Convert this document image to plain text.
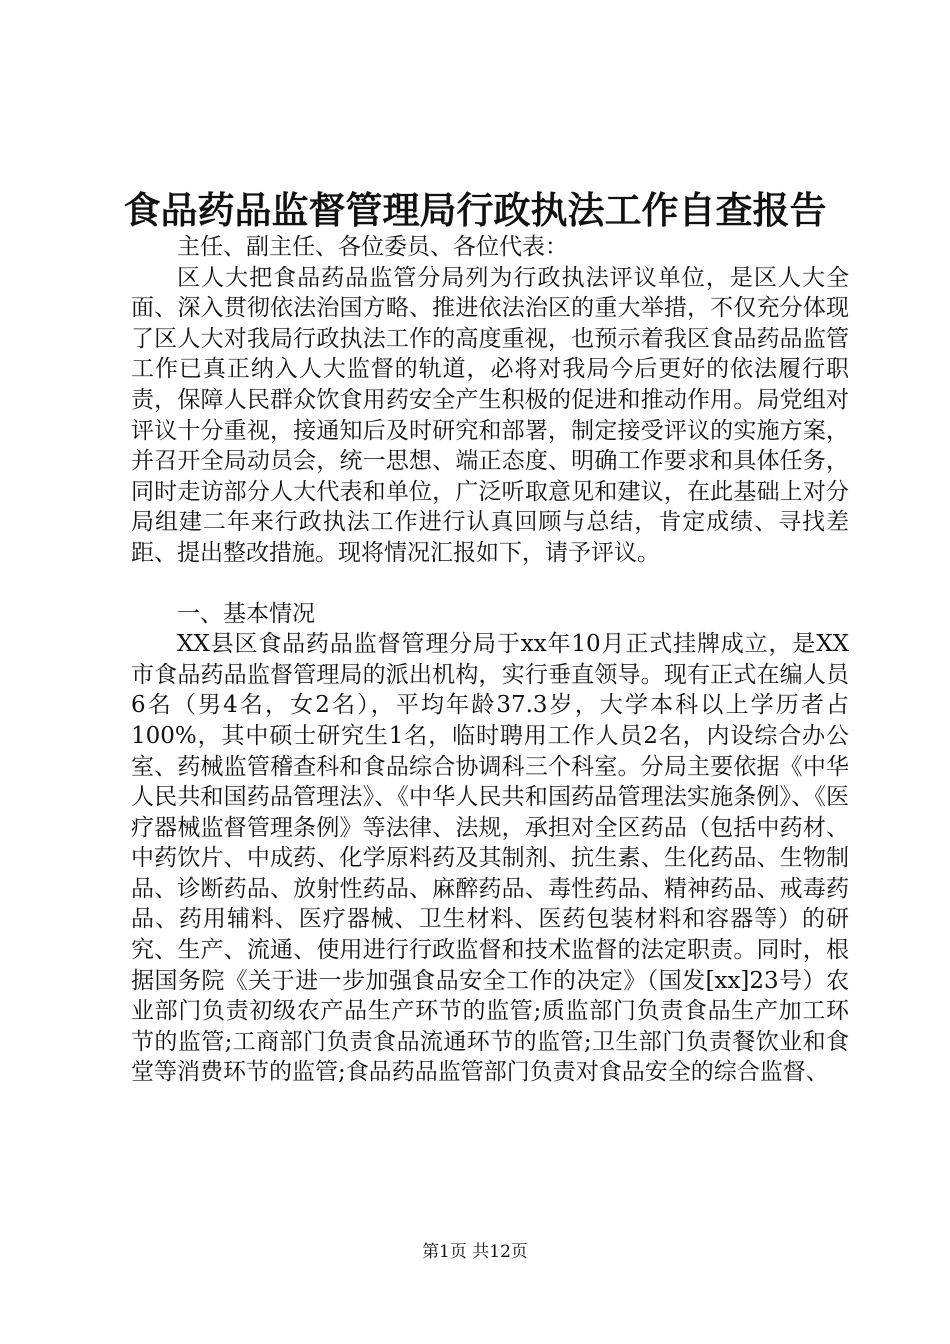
食品药品监督管理局行政执法工作自查报告

主任、副主任、各位委员、各位代表：

区人大把食品药品监管分局列为行政执法评议单位，是区人大全面、深入贯彻依法治国方略、推进依法治区的重大举措，不仅充分体现了区人大对我局行政执法工作的高度重视，也预示着我区食品药品监管工作已真正纳入人大监督的轨道，必将对我局今后更好的依法履行职责，保障人民群众饮食用药安全产生积极的促进和推动作用。局党组对评议十分重视，接通知后及时研究和部署，制定接受评议的实施方案，并召开全局动员会，统一思想、端正态度、明确工作要求和具体任务，同时走访部分人大代表和单位，广泛听取意见和建议，在此基础上对分局组建二年来行政执法工作进行认真回顾与总结，肯定成绩、寻找差距、提出整改措施。现将情况汇报如下，请予评议。

一、基本情况

XX县区食品药品监督管理分局于xx年10月正式挂牌成立，是XX市食品药品监督管理局的派出机构，实行垂直领导。现有正式在编人员6名（男4名，女2名），平均年龄37.3岁，大学本科以上学历者占100%，其中硕士研究生1名，临时聘用工作人员2名，内设综合办公室、药械监管稽查科和食品综合协调科三个科室。分局主要依据《中华人民共和国药品管理法》、《中华人民共和国药品管理法实施条例》、《医疗器械监督管理条例》等法律、法规，承担对全区药品（包括中药材、中药饮片、中成药、化学原料药及其制剂、抗生素、生化药品、生物制品、诊断药品、放射性药品、麻醉药品、毒性药品、精神药品、戒毒药品、药用辅料、医疗器械、卫生材料、医药包装材料和容器等）的研究、生产、流通、使用进行行政监督和技术监督的法定职责。同时，根据国务院《关于进一步加强食品安全工作的决定》（国发[xx]23号）农业部门负责初级农产品生产环节的监管;质监部门负责食品生产加工环节的监管;工商部门负责食品流通环节的监管;卫生部门负责餐饮业和食堂等消费环节的监管;食品药品监管部门负责对食品安全的综合监督、

第1页 共12页
